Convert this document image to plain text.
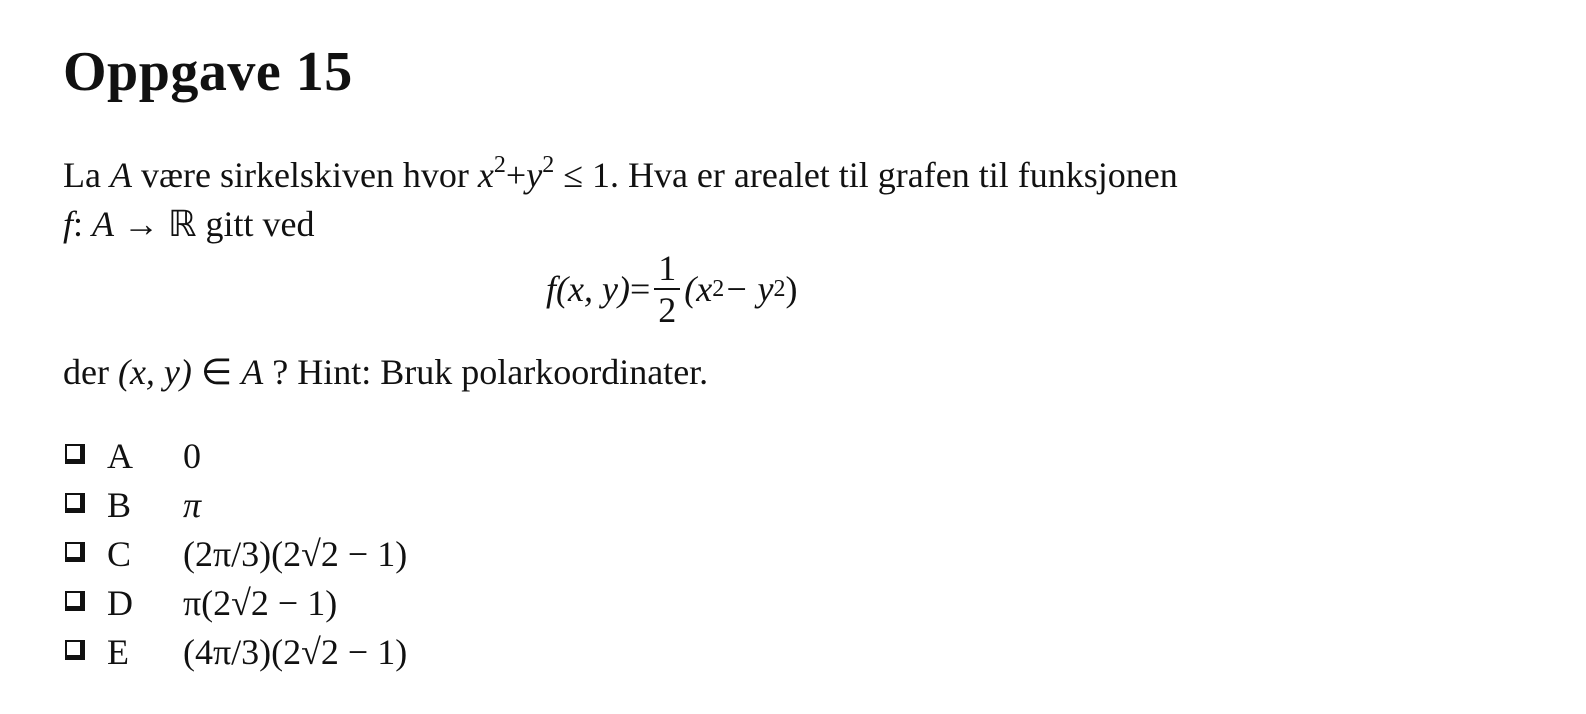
Oppgave 15
La A være sirkelskiven hvor $x^2+y^2 \le 1$. Hva er arealet til grafen til funksjonen
f: A → ℝ gitt ved
f (x, $y) = \frac{1}{2} (x$ 2 − y 2 )
der (x, y) ∈ A ? Hint: Bruk polarkoordinater.
A 0
B π
C (2π/3)(2√2 − 1)
D π(2√2 − 1)
E (4π/3)(2√2 − 1)
